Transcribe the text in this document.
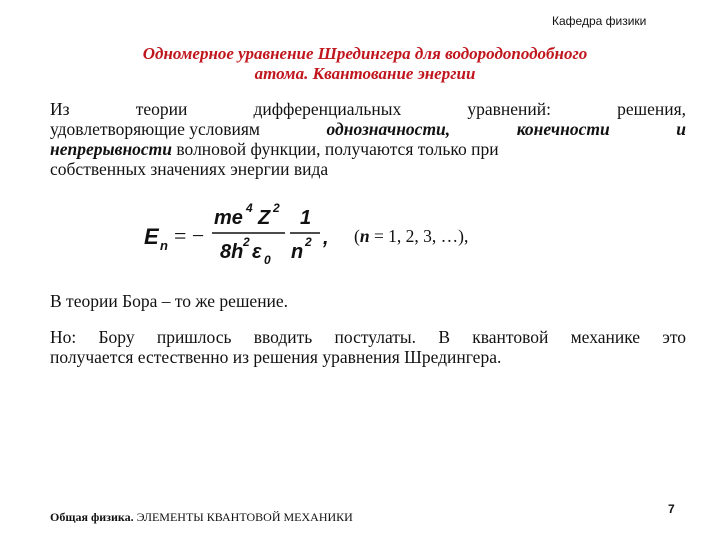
Кафедра физики
Одномерное уравнение Шредингера для водородоподобного
атома. Квантование энергии
Из	теории	дифференциальных	уравнений:	решения,
удовлетворяющие условиям	однозначности,	конечности	и
непрерывности волновой функции, получаются только при
собственных значениях энергии вида
E n = −
me 4 Z 2
8h 2 ε 0
1
n 2 , (n = 1, 2, 3, …),
В теории Бора – то же решение.
Но: Бору пришлось вводить постулаты. В квантовой механике это
получается естественно из решения уравнения Шредингера.
Общая физика. ЭЛЕМЕНТЫ КВАНТОВОЙ МЕХАНИКИ
7
